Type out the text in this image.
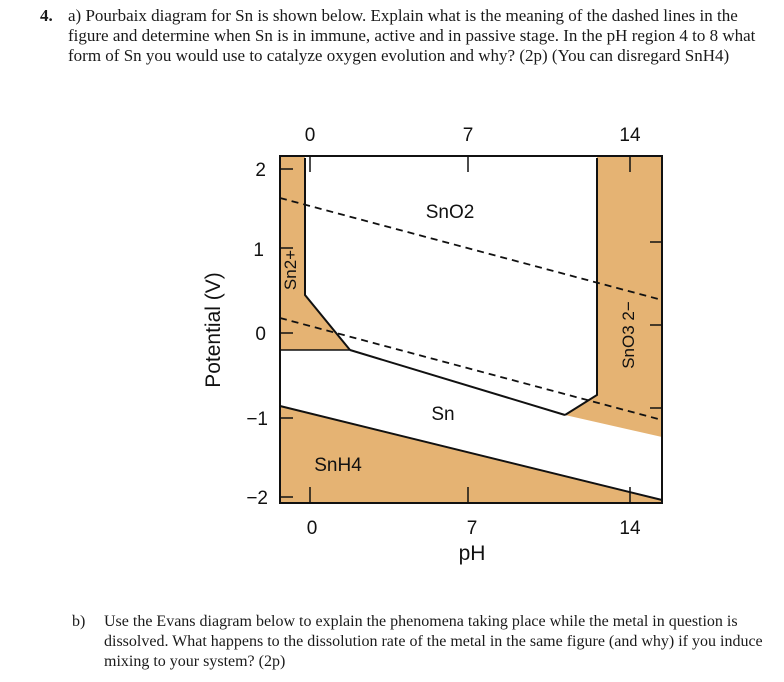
4. a) Pourbaix diagram for Sn is shown below. Explain what is the meaning of the dashed lines in the figure and determine when Sn is in immune, active and in passive stage. In the pH region 4 to 8 what form of Sn you would use to catalyze oxygen evolution and why? (2p) (You can disregard SnH4)
0	7	14
0	7	14
2
1
0
−1
−2
pH
Potential (V)
SnO2
Sn
SnH4
Sn2+
SnO3 2−
b) Use the Evans diagram below to explain the phenomena taking place while the metal in question is dissolved. What happens to the dissolution rate of the metal in the same figure (and why) if you induce mixing to your system? (2p)
